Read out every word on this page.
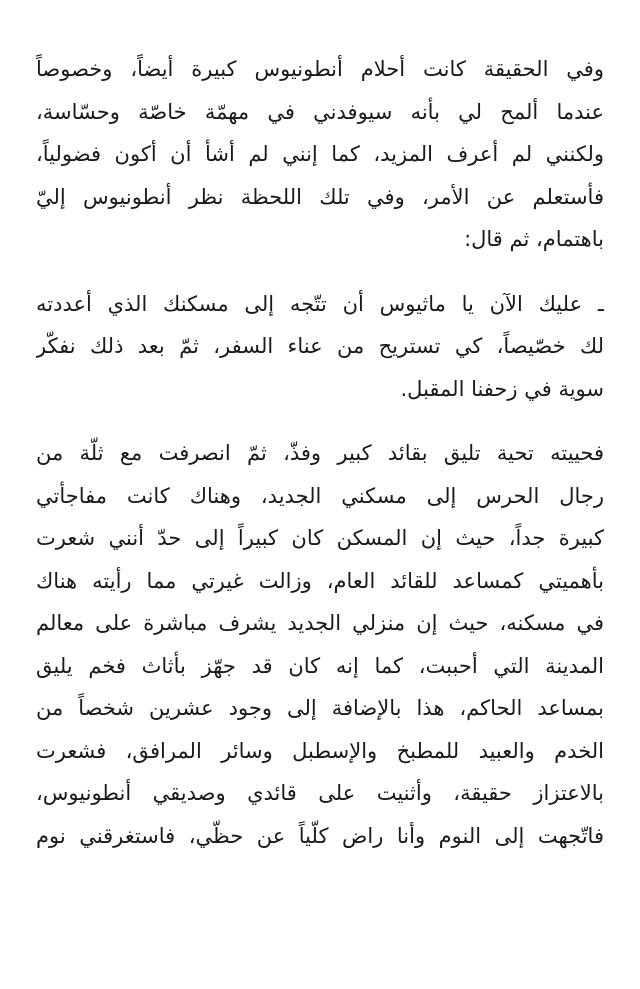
وفي الحقيقة كانت أحلام أنطونيوس كبيرة أيضاً، وخصوصاً
عندما ألمح لي بأنه سيوفدني في مهمّة خاصّة وحسّاسة،
ولكنني لم أعرف المزيد، كما إنني لم أشأ أن أكون فضولياً،
فأستعلم عن الأمر، وفي تلك اللحظة نظر أنطونيوس إليّ
باهتمام، ثم قال:
ـ عليك الآن يا ماثيوس أن تتّجه إلى مسكنك الذي أعددته
لك خصّيصاً، كي تستريح من عناء السفر، ثمّ بعد ذلك نفكّر
سوية في زحفنا المقبل.
فحييته تحية تليق بقائد كبير وفذّ، ثمّ انصرفت مع ثلّة من
رجال الحرس إلى مسكني الجديد، وهناك كانت مفاجأتي
كبيرة جداً، حيث إن المسكن كان كبيراً إلى حدّ أنني شعرت
بأهميتي كمساعد للقائد العام، وزالت غيرتي مما رأيته هناك
في مسكنه، حيث إن منزلي الجديد يشرف مباشرة على معالم
المدينة التي أحببت، كما إنه كان قد جهّز بأثاث فخم يليق
بمساعد الحاكم، هذا بالإضافة إلى وجود عشرين شخصاً من
الخدم والعبيد للمطبخ والإسطبل وسائر المرافق، فشعرت
بالاعتزاز حقيقة، وأثنيت على قائدي وصديقي أنطونيوس،
فاتّجهت إلى النوم وأنا راض كلّياً عن حظّي، فاستغرقني نوم
